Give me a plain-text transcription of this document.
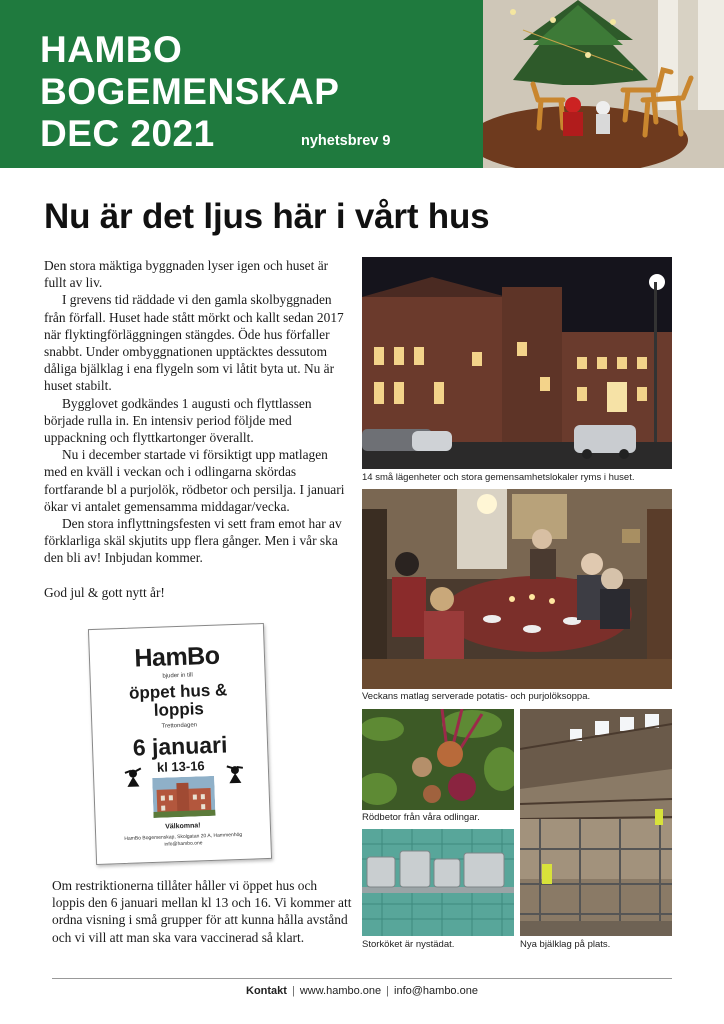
HAMBO
BOGEMENSKAP
DEC 2021	nyhetsbrev 9
Nu är det ljus här i vårt hus

Den stora mäktiga byggnaden lyser igen och huset är fullt av liv.

I grevens tid räddade vi den gamla skolbyggnaden från förfall. Huset hade stått mörkt och kallt sedan 2017 när flyktingförläggningen stängdes. Öde hus förfaller snabbt. Under ombyggnationen upptäcktes dessutom dåliga bjälklag i ena flygeln som vi låtit byta ut. Nu är huset stabilt.

Bygglovet godkändes 1 augusti och flyttlassen började rulla in. En intensiv period följde med uppackning och flyttkartonger överallt.

Nu i december startade vi försiktigt upp matlagen med en kväll i veckan och i odlingarna skördas fortfarande bl a purjolök, rödbetor och persilja. I januari ökar vi antalet gemensamma middagar/vecka.

Den stora inflyttningsfesten vi sett fram emot har av förklarliga skäl skjutits upp flera gånger. Men i vår ska den bli av! Inbjudan kommer.

God jul & gott nytt år!

HamBo
bjuder in till
öppet hus &
loppis
Trettondagen
6 januari
kl 13-16
Välkomna!
HamBo Bogemenskap, Skolgatan 20 A, Hammenhög
info@hambo.one
Om restriktionerna tillåter håller vi öppet hus och loppis den 6 januari mellan kl 13 och 16. Vi kommer att ordna visning i små grupper för att kunna hålla avstånd och vi vill att man ska vara vaccinerad så klart.
14 små lägenheter och stora gemensamhetslokaler ryms i huset.
Veckans matlag serverade potatis- och purjolöksoppa.
Rödbetor från våra odlingar.
Storköket är nystädat.	Nya bjälklag på plats.
Kontakt | www.hambo.one | info@hambo.one
